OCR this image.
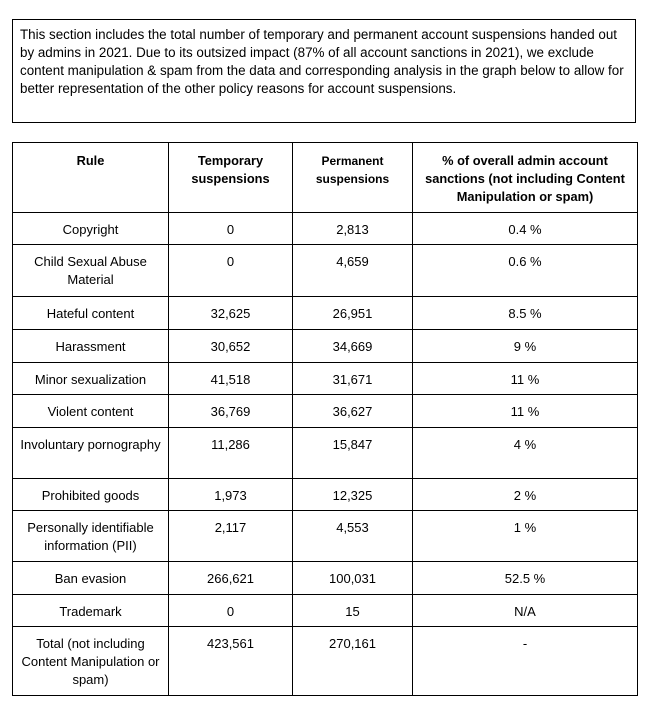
This section includes the total number of temporary and permanent account suspensions handed out by admins in 2021. Due to its outsized impact (87% of all account sanctions in 2021), we exclude content manipulation & spam from the data and corresponding analysis in the graph below to allow for better representation of the other policy reasons for account suspensions.
Rule	Temporary suspensions	Permanent suspensions	% of overall admin account sanctions (not including Content Manipulation or spam)
Copyright	0	2,813	0.4 %
Child Sexual Abuse Material	0	4,659	0.6 %
Hateful content	32,625	26,951	8.5 %
Harassment	30,652	34,669	9 %
Minor sexualization	41,518	31,671	11 %
Violent content	36,769	36,627	11 %
Involuntary pornography	11,286	15,847	4 %
Prohibited goods	1,973	12,325	2 %
Personally identifiable information (PII)	2,117	4,553	1 %
Ban evasion	266,621	100,031	52.5 %
Trademark	0	15	N/A
Total (not including Content Manipulation or spam)	423,561	270,161	-
